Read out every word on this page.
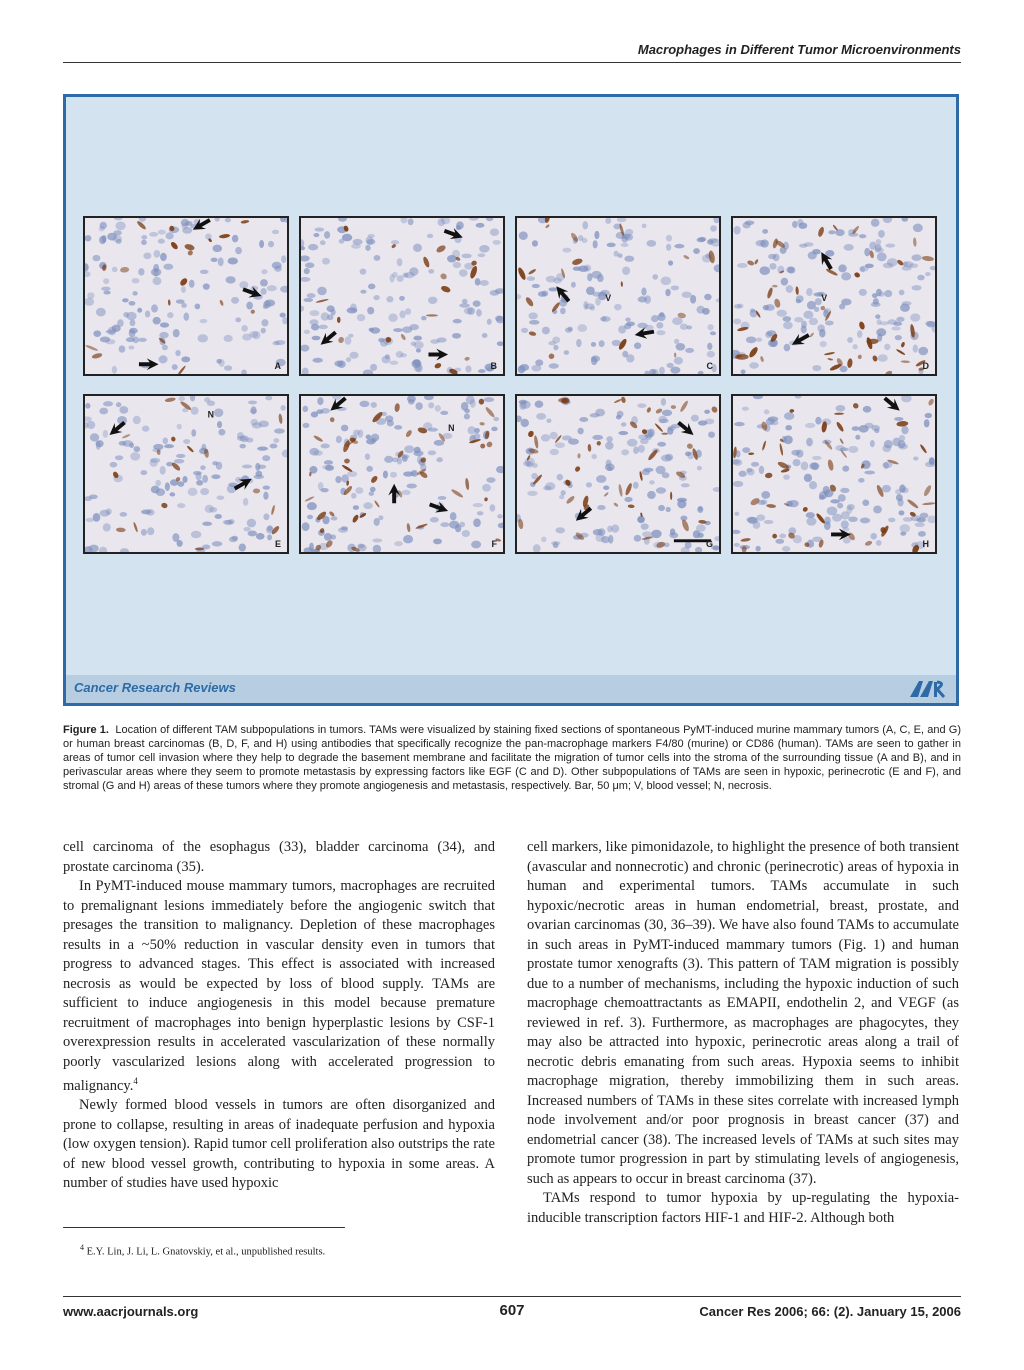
Macrophages in Different Tumor Microenvironments
A	B
V
C
V
D
N
E
N
F	G	H
Cancer Research Reviews
Figure 1. Location of different TAM subpopulations in tumors. TAMs were visualized by staining fixed sections of spontaneous PyMT-induced murine mammary tumors (A, C, E, and G) or human breast carcinomas (B, D, F, and H) using antibodies that specifically recognize the pan-macrophage markers F4/80 (murine) or CD86 (human). TAMs are seen to gather in areas of tumor cell invasion where they help to degrade the basement membrane and facilitate the migration of tumor cells into the stroma of the surrounding tissue (A and B), and in perivascular areas where they seem to promote metastasis by expressing factors like EGF (C and D). Other subpopulations of TAMs are seen in hypoxic, perinecrotic (E and F), and stromal (G and H) areas of these tumors where they promote angiogenesis and metastasis, respectively. Bar, 50 μm; V, blood vessel; N, necrosis.

cell carcinoma of the esophagus (33), bladder carcinoma (34), and prostate carcinoma (35).

In PyMT-induced mouse mammary tumors, macrophages are recruited to premalignant lesions immediately before the angiogenic switch that presages the transition to malignancy. Depletion of these macrophages results in a ~50% reduction in vascular density even in tumors that progress to advanced stages. This effect is associated with increased necrosis as would be expected by loss of blood supply. TAMs are sufficient to induce angiogenesis in this model because premature recruitment of macrophages into benign hyperplastic lesions by CSF-1 overexpression results in accelerated vascularization of these normally poorly vascularized lesions along with accelerated progression to malignancy.$^4$

Newly formed blood vessels in tumors are often disorganized and prone to collapse, resulting in areas of inadequate perfusion and hypoxia (low oxygen tension). Rapid tumor cell proliferation also outstrips the rate of new blood vessel growth, contributing to hypoxia in some areas. A number of studies have used hypoxic

cell markers, like pimonidazole, to highlight the presence of both transient (avascular and nonnecrotic) and chronic (perinecrotic) areas of hypoxia in human and experimental tumors. TAMs accumulate in such hypoxic/necrotic areas in human endometrial, breast, prostate, and ovarian carcinomas (30, 36–39). We have also found TAMs to accumulate in such areas in PyMT-induced mammary tumors (Fig. 1) and human prostate tumor xenografts (3). This pattern of TAM migration is possibly due to a number of mechanisms, including the hypoxic induction of such macrophage chemoattractants as EMAPII, endothelin 2, and VEGF (as reviewed in ref. 3). Furthermore, as macrophages are phagocytes, they may also be attracted into hypoxic, perinecrotic areas along a trail of necrotic debris emanating from such areas. Hypoxia seems to inhibit macrophage migration, thereby immobilizing them in such areas. Increased numbers of TAMs in these sites correlate with increased lymph node involvement and/or poor prognosis in breast cancer (37) and endometrial cancer (38). The increased levels of TAMs at such sites may promote tumor progression in part by stimulating levels of angiogenesis, such as appears to occur in breast carcinoma (37).

TAMs respond to tumor hypoxia by up-regulating the hypoxia-inducible transcription factors HIF-1 and HIF-2. Although both

$^4$ E.Y. Lin, J. Li, L. Gnatovskiy, et al., unpublished results.
www.aacrjournals.org	607	Cancer Res 2006; 66: (2). January 15, 2006
